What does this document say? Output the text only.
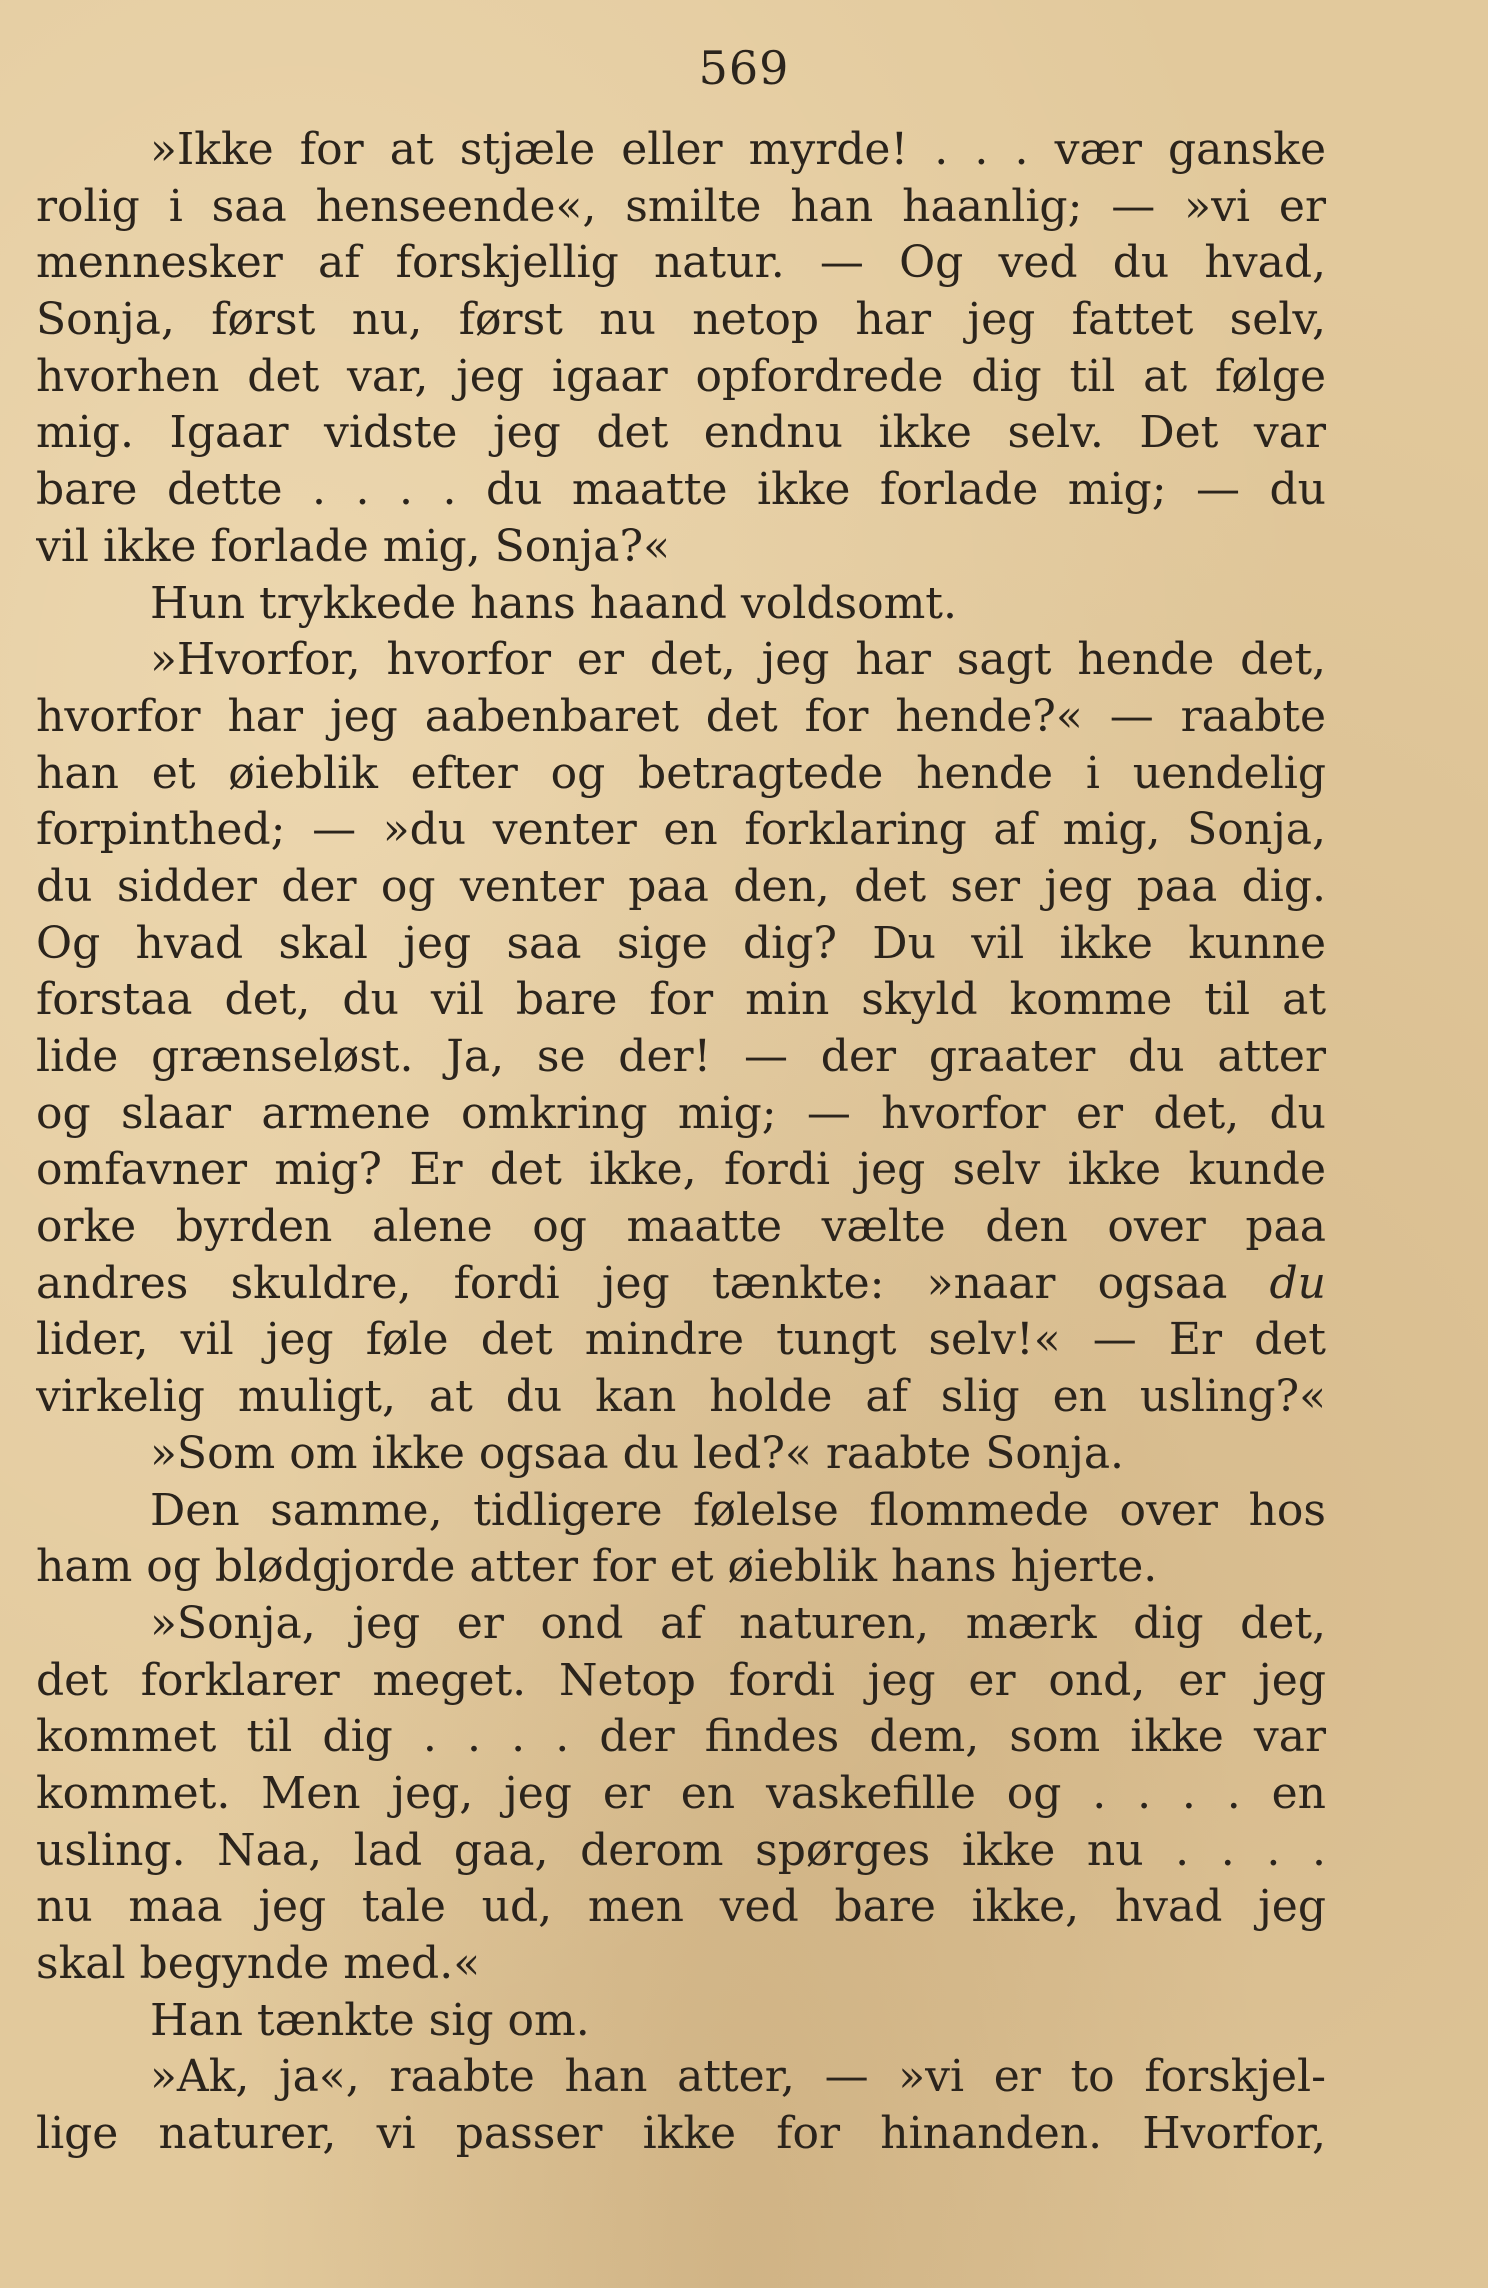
569
»Ikke for at stjæle eller myrde! . . . vær ganske
rolig i saa henseende«, smilte han haanlig; — »vi er
mennesker af forskjellig natur. — Og ved du hvad,
Sonja, først nu, først nu netop har jeg fattet selv,
hvorhen det var, jeg igaar opfordrede dig til at følge
mig. Igaar vidste jeg det endnu ikke selv. Det var
bare dette . . . . du maatte ikke forlade mig; — du
vil ikke forlade mig, Sonja?«
Hun trykkede hans haand voldsomt.
»Hvorfor, hvorfor er det, jeg har sagt hende det,
hvorfor har jeg aabenbaret det for hende?« — raabte
han et øieblik efter og betragtede hende i uendelig
forpinthed; — »du venter en forklaring af mig, Sonja,
du sidder der og venter paa den, det ser jeg paa dig.
Og hvad skal jeg saa sige dig? Du vil ikke kunne
forstaa det, du vil bare for min skyld komme til at
lide grænseløst. Ja, se der! — der graater du atter
og slaar armene omkring mig; — hvorfor er det, du
omfavner mig? Er det ikke, fordi jeg selv ikke kunde
orke byrden alene og maatte vælte den over paa
andres skuldre, fordi jeg tænkte: »naar ogsaa du
lider, vil jeg føle det mindre tungt selv!« — Er det
virkelig muligt, at du kan holde af slig en usling?«
»Som om ikke ogsaa du led?« raabte Sonja.
Den samme, tidligere følelse flommede over hos
ham og blødgjorde atter for et øieblik hans hjerte.
»Sonja, jeg er ond af naturen, mærk dig det,
det forklarer meget. Netop fordi jeg er ond, er jeg
kommet til dig . . . . der findes dem, som ikke var
kommet. Men jeg, jeg er en vaskefille og . . . . en
usling. Naa, lad gaa, derom spørges ikke nu . . . .
nu maa jeg tale ud, men ved bare ikke, hvad jeg
skal begynde med.«
Han tænkte sig om.
»Ak, ja«, raabte han atter, — »vi er to forskjel-
lige naturer, vi passer ikke for hinanden. Hvorfor,
